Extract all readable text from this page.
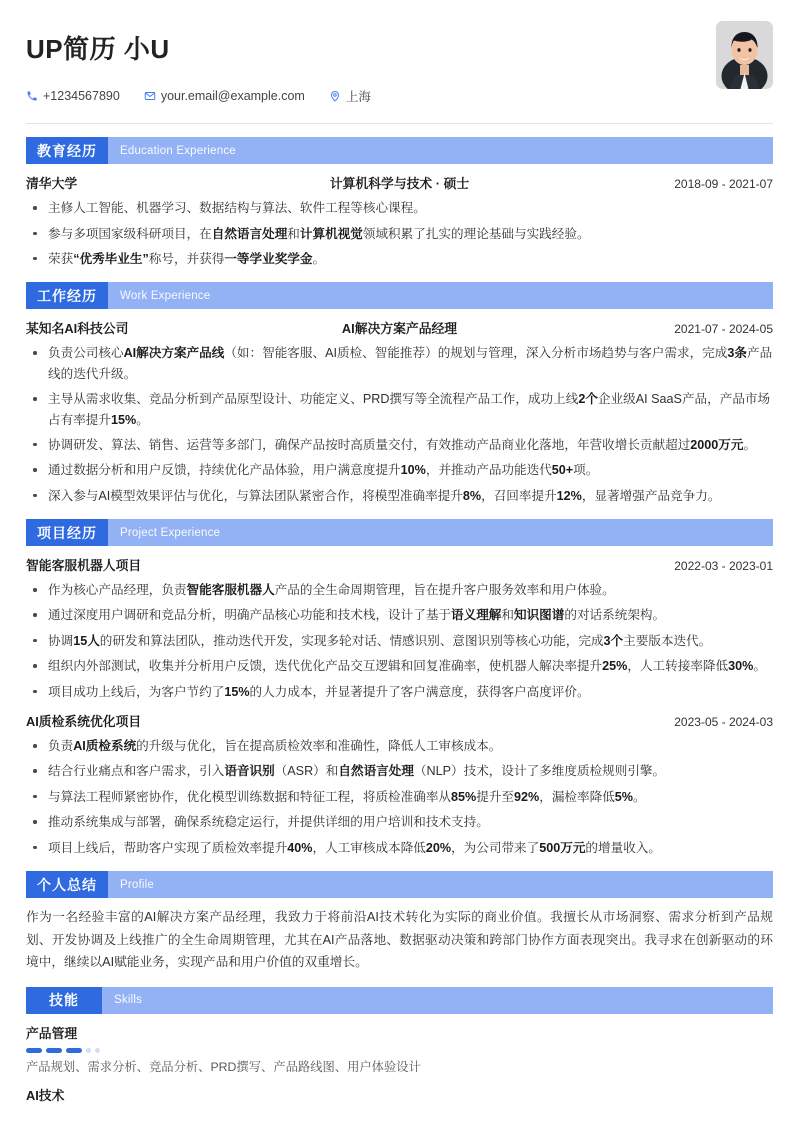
UP简历 小U
+1234567890	your.email@example.com	上海
教育经历	Education Experience
清华大学	计算机科学与技术 · 硕士	2018-09 - 2021-07
主修人工智能、机器学习、数据结构与算法、软件工程等核心课程。
参与多项国家级科研项目，在自然语言处理和计算机视觉领域积累了扎实的理论基础与实践经验。
荣获“优秀毕业生”称号，并获得一等学业奖学金。
工作经历	Work Experience
某知名AI科技公司	AI解决方案产品经理	2021-07 - 2024-05
负责公司核心AI解决方案产品线（如：智能客服、AI质检、智能推荐）的规划与管理，深入分析市场趋势与客户需求，完成3条产品线的迭代升级。
主导从需求收集、竞品分析到产品原型设计、功能定义、PRD撰写等全流程产品工作，成功上线2个企业级AI SaaS产品，产品市场占有率提升15%。
协调研发、算法、销售、运营等多部门，确保产品按时高质量交付，有效推动产品商业化落地，年营收增长贡献超过2000万元。
通过数据分析和用户反馈，持续优化产品体验，用户满意度提升10%，并推动产品功能迭代50+项。
深入参与AI模型效果评估与优化，与算法团队紧密合作，将模型准确率提升8%，召回率提升12%，显著增强产品竞争力。
项目经历	Project Experience
智能客服机器人项目	2022-03 - 2023-01
作为核心产品经理，负责智能客服机器人产品的全生命周期管理，旨在提升客户服务效率和用户体验。
通过深度用户调研和竞品分析，明确产品核心功能和技术栈，设计了基于语义理解和知识图谱的对话系统架构。
协调15人的研发和算法团队，推动迭代开发，实现多轮对话、情感识别、意图识别等核心功能，完成3个主要版本迭代。
组织内外部测试，收集并分析用户反馈，迭代优化产品交互逻辑和回复准确率，使机器人解决率提升25%，人工转接率降低30%。
项目成功上线后，为客户节约了15%的人力成本，并显著提升了客户满意度，获得客户高度评价。
AI质检系统优化项目	2023-05 - 2024-03
负责AI质检系统的升级与优化，旨在提高质检效率和准确性，降低人工审核成本。
结合行业痛点和客户需求，引入语音识别（ASR）和自然语言处理（NLP）技术，设计了多维度质检规则引擎。
与算法工程师紧密协作，优化模型训练数据和特征工程，将质检准确率从85%提升至92%，漏检率降低5%。
推动系统集成与部署，确保系统稳定运行，并提供详细的用户培训和技术支持。
项目上线后，帮助客户实现了质检效率提升40%，人工审核成本降低20%，为公司带来了500万元的增量收入。
个人总结	Profile
作为一名经验丰富的AI解决方案产品经理，我致力于将前沿AI技术转化为实际的商业价值。我擅长从市场洞察、需求分析到产品规划、开发协调及上线推广的全生命周期管理，尤其在AI产品落地、数据驱动决策和跨部门协作方面表现突出。我寻求在创新驱动的环境中，继续以AI赋能业务，实现产品和用户价值的双重增长。
技能	Skills
产品管理
产品规划、需求分析、竞品分析、PRD撰写、产品路线图、用户体验设计
AI技术
